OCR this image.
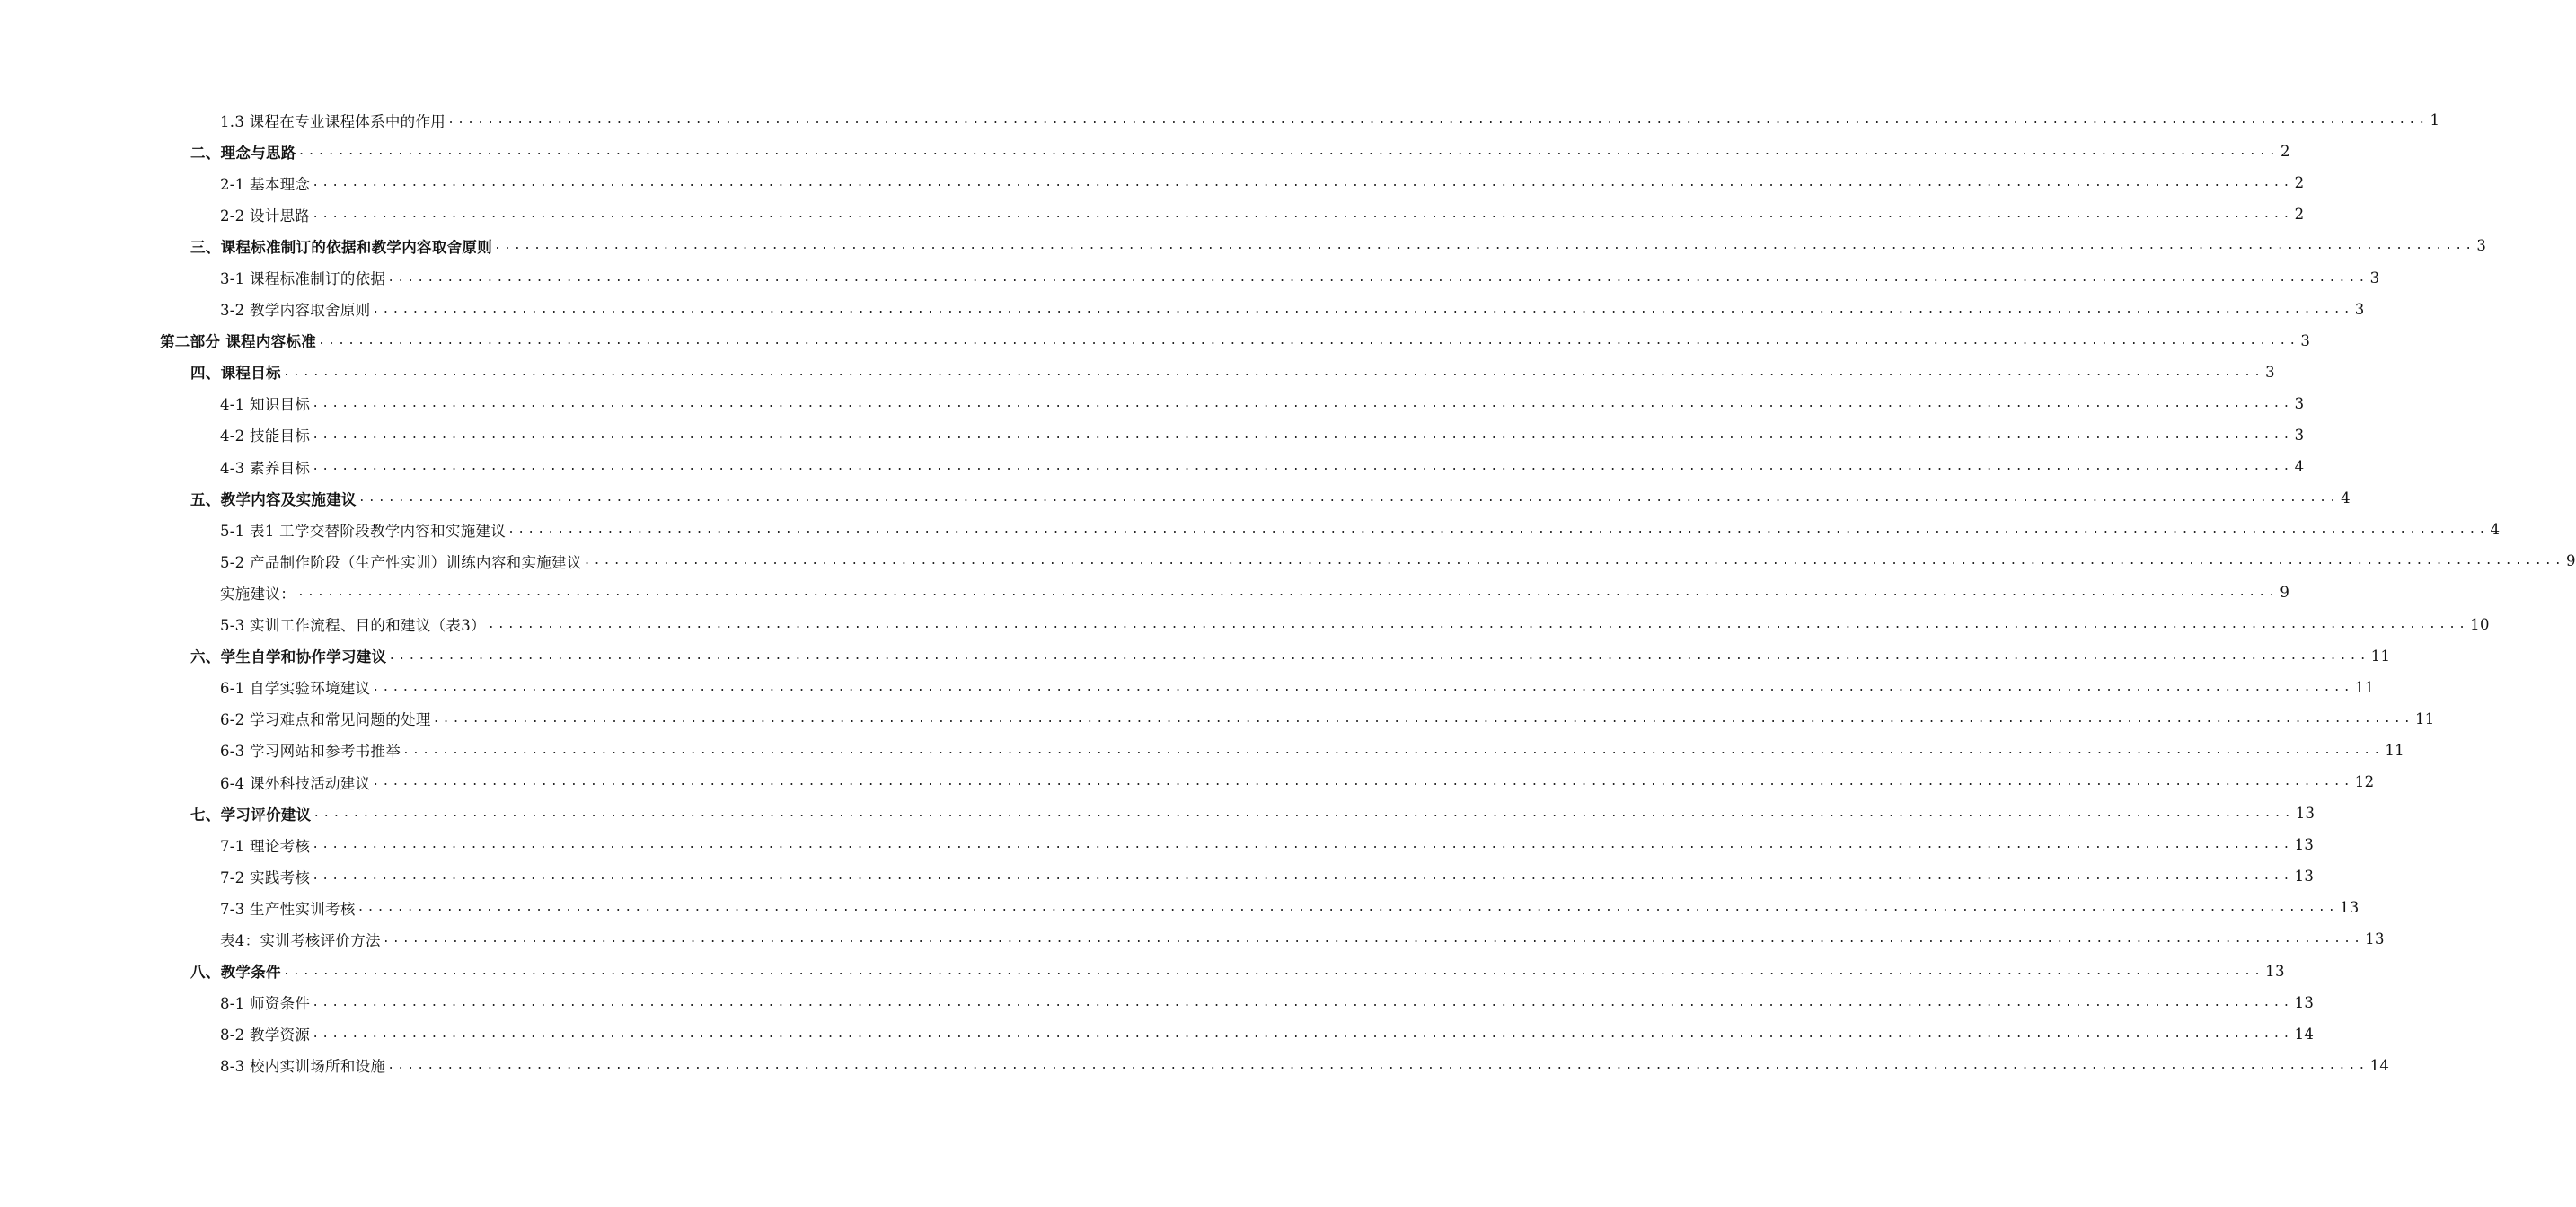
1.3 课程在专业课程体系中的作用 ........................................................................................................................................................................................................ 1
二、理念与思路 ........................................................................................................................................................................................................ 2
2-1 基本理念 ........................................................................................................................................................................................................ 2
2-2 设计思路 ........................................................................................................................................................................................................ 2
三、课程标准制订的依据和教学内容取舍原则 ........................................................................................................................................................................................................ 3
3-1 课程标准制订的依据 ........................................................................................................................................................................................................ 3
3-2 教学内容取舍原则 ........................................................................................................................................................................................................ 3
第二部分 课程内容标准 ........................................................................................................................................................................................................ 3
四、课程目标 ........................................................................................................................................................................................................ 3
4-1 知识目标 ........................................................................................................................................................................................................ 3
4-2 技能目标 ........................................................................................................................................................................................................ 3
4-3 素养目标 ........................................................................................................................................................................................................ 4
五、教学内容及实施建议 ........................................................................................................................................................................................................ 4
5-1 表1 工学交替阶段教学内容和实施建议 ........................................................................................................................................................................................................ 4
5-2 产品制作阶段（生产性实训）训练内容和实施建议 ........................................................................................................................................................................................................ 9
实施建议： ........................................................................................................................................................................................................ 9
5-3 实训工作流程、目的和建议（表3） ........................................................................................................................................................................................................ 10
六、学生自学和协作学习建议 ........................................................................................................................................................................................................ 11
6-1 自学实验环境建议 ........................................................................................................................................................................................................ 11
6-2 学习难点和常见问题的处理 ........................................................................................................................................................................................................ 11
6-3 学习网站和参考书推举 ........................................................................................................................................................................................................ 11
6-4 课外科技活动建议 ........................................................................................................................................................................................................ 12
七、学习评价建议 ........................................................................................................................................................................................................ 13
7-1 理论考核 ........................................................................................................................................................................................................ 13
7-2 实践考核 ........................................................................................................................................................................................................ 13
7-3 生产性实训考核 ........................................................................................................................................................................................................ 13
表4：实训考核评价方法 ........................................................................................................................................................................................................ 13
八、教学条件 ........................................................................................................................................................................................................ 13
8-1 师资条件 ........................................................................................................................................................................................................ 13
8-2 教学资源 ........................................................................................................................................................................................................ 14
8-3 校内实训场所和设施 ........................................................................................................................................................................................................ 14
